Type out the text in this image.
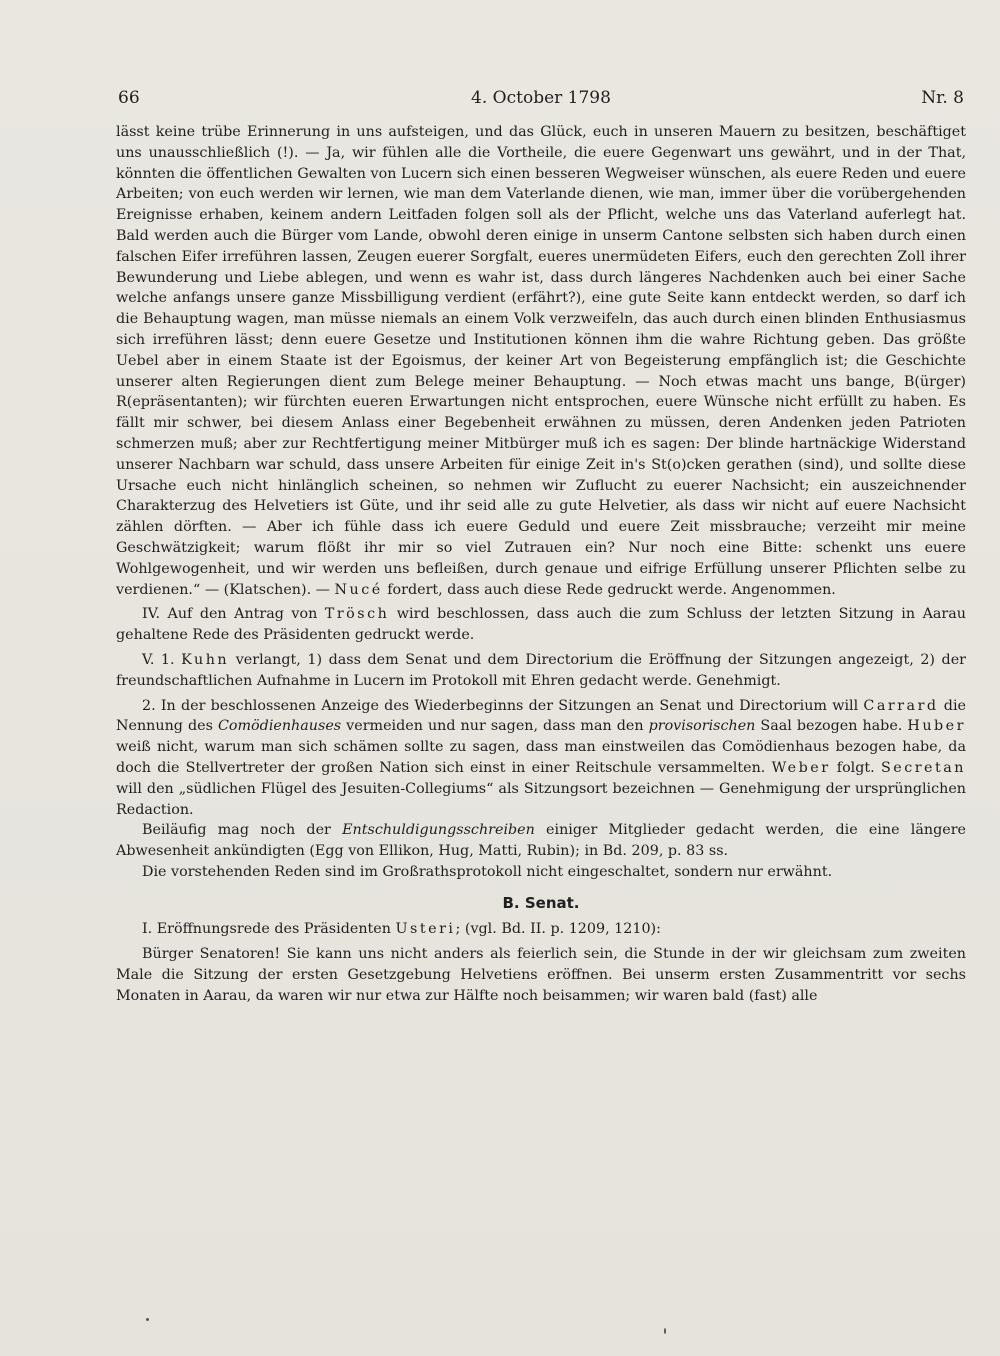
66	4. October 1798	Nr. 8

lässt keine trübe Erinnerung in uns aufsteigen, und das Glück, euch in unseren Mauern zu besitzen, beschäftiget uns unausschließlich (!). — Ja, wir fühlen alle die Vortheile, die euere Gegenwart uns gewährt, und in der That, könnten die öffentlichen Gewalten von Lucern sich einen besseren Wegweiser wünschen, als euere Reden und euere Arbeiten; von euch werden wir lernen, wie man dem Vaterlande dienen, wie man, immer über die vorübergehenden Ereignisse erhaben, keinem andern Leitfaden folgen soll als der Pflicht, welche uns das Vaterland auferlegt hat. Bald werden auch die Bürger vom Lande, obwohl deren einige in unserm Cantone selbsten sich haben durch einen falschen Eifer irreführen lassen, Zeugen euerer Sorgfalt, eueres unermüdeten Eifers, euch den gerechten Zoll ihrer Bewunderung und Liebe ablegen, und wenn es wahr ist, dass durch längeres Nachdenken auch bei einer Sache welche anfangs unsere ganze Missbilligung verdient (erfährt?), eine gute Seite kann entdeckt werden, so darf ich die Behauptung wagen, man müsse niemals an einem Volk verzweifeln, das auch durch einen blinden Enthusiasmus sich irreführen lässt; denn euere Gesetze und Institutionen können ihm die wahre Richtung geben. Das größte Uebel aber in einem Staate ist der Egoismus, der keiner Art von Begeisterung empfänglich ist; die Geschichte unserer alten Regierungen dient zum Belege meiner Behauptung. — Noch etwas macht uns bange, B(ürger) R(epräsentanten); wir fürchten eueren Erwartungen nicht entsprochen, euere Wünsche nicht erfüllt zu haben. Es fällt mir schwer, bei diesem Anlass einer Begebenheit erwähnen zu müssen, deren Andenken jeden Patrioten schmerzen muß; aber zur Rechtfertigung meiner Mitbürger muß ich es sagen: Der blinde hartnäckige Widerstand unserer Nachbarn war schuld, dass unsere Arbeiten für einige Zeit in's St(o)cken gerathen (sind), und sollte diese Ursache euch nicht hinlänglich scheinen, so nehmen wir Zuflucht zu euerer Nachsicht; ein auszeichnender Charakterzug des Helvetiers ist Güte, und ihr seid alle zu gute Helvetier, als dass wir nicht auf euere Nachsicht zählen dörften. — Aber ich fühle dass ich euere Geduld und euere Zeit missbrauche; verzeiht mir meine Geschwätzigkeit; warum flößt ihr mir so viel Zutrauen ein? Nur noch eine Bitte: schenkt uns euere Wohlgewogenheit, und wir werden uns befleißen, durch genaue und eifrige Erfüllung unserer Pflichten selbe zu verdienen.“ — (Klatschen). — Nucé fordert, dass auch diese Rede gedruckt werde. Angenommen.

IV. Auf den Antrag von Trösch wird beschlossen, dass auch die zum Schluss der letzten Sitzung in Aarau gehaltene Rede des Präsidenten gedruckt werde.

V. 1. Kuhn verlangt, 1) dass dem Senat und dem Directorium die Eröffnung der Sitzungen angezeigt, 2) der freundschaftlichen Aufnahme in Lucern im Protokoll mit Ehren gedacht werde. Genehmigt.

2. In der beschlossenen Anzeige des Wiederbeginns der Sitzungen an Senat und Directorium will Carrard die Nennung des Comödienhauses vermeiden und nur sagen, dass man den provisorischen Saal bezogen habe. Huber weiß nicht, warum man sich schämen sollte zu sagen, dass man einstweilen das Comödienhaus bezogen habe, da doch die Stellvertreter der großen Nation sich einst in einer Reitschule versammelten. Weber folgt. Secretan will den „südlichen Flügel des Jesuiten-Collegiums“ als Sitzungsort bezeichnen — Genehmigung der ursprünglichen Redaction.

Beiläufig mag noch der Entschuldigungsschreiben einiger Mitglieder gedacht werden, die eine längere Abwesenheit ankündigten (Egg von Ellikon, Hug, Matti, Rubin); in Bd. 209, p. 83 ss.

Die vorstehenden Reden sind im Großrathsprotokoll nicht eingeschaltet, sondern nur erwähnt.

B. Senat.

I. Eröffnungsrede des Präsidenten Usteri; (vgl. Bd. II. p. 1209, 1210):

Bürger Senatoren! Sie kann uns nicht anders als feierlich sein, die Stunde in der wir gleichsam zum zweiten Male die Sitzung der ersten Gesetzgebung Helvetiens eröffnen. Bei unserm ersten Zusammentritt vor sechs Monaten in Aarau, da waren wir nur etwa zur Hälfte noch beisammen; wir waren bald (fast) alle
